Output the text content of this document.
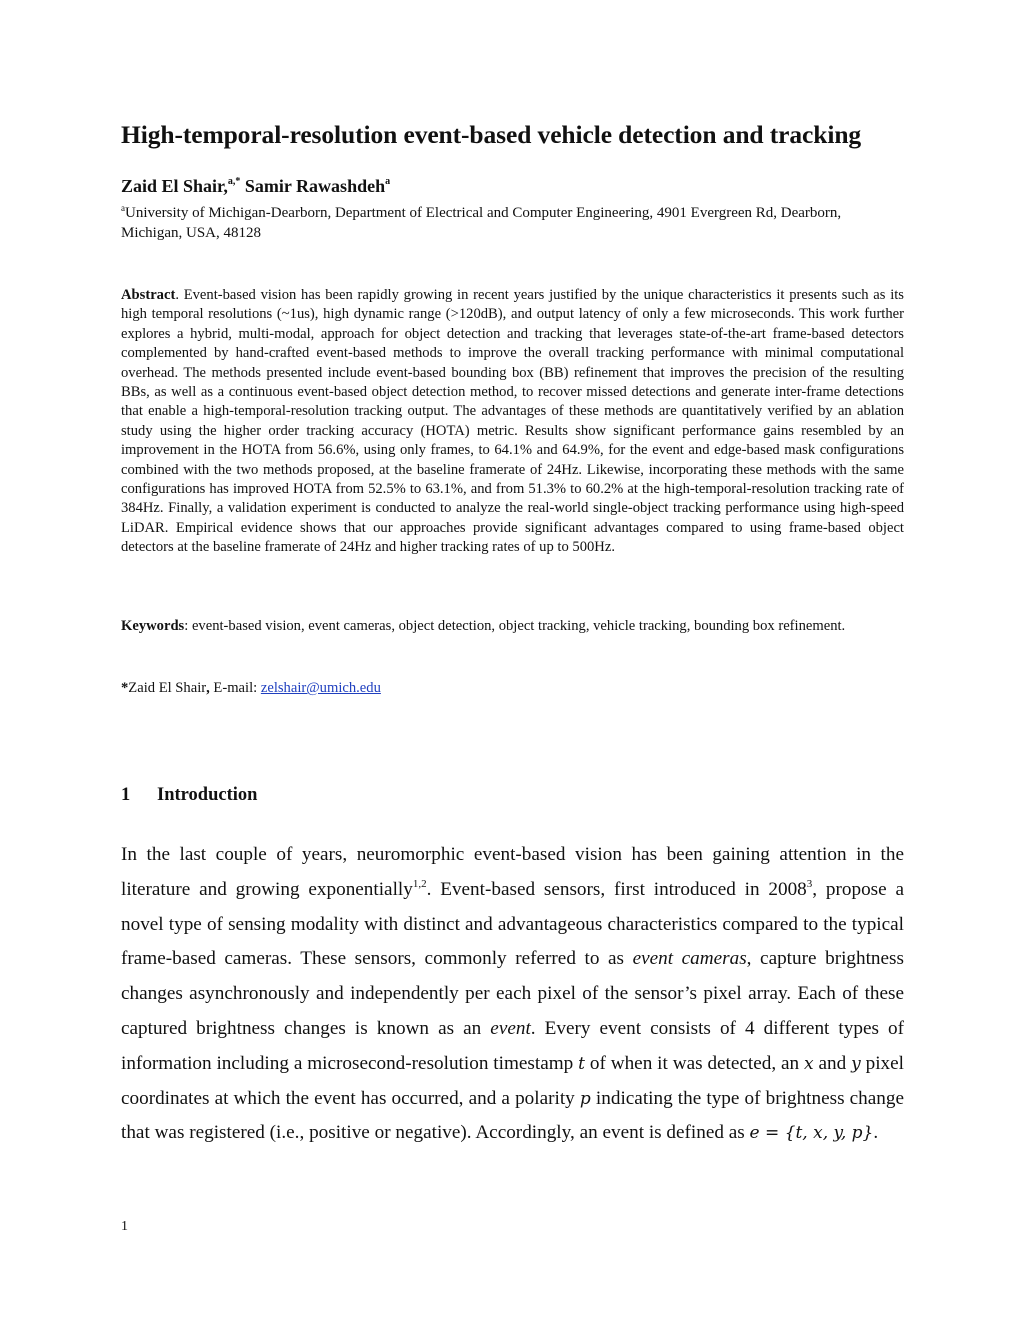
High-temporal-resolution event-based vehicle detection and tracking
Zaid El Shair,$^{a,*}$ Samir Rawashdeh$^a$
$^a$University of Michigan-Dearborn, Department of Electrical and Computer Engineering, 4901 Evergreen Rd, Dearborn, Michigan, USA, 48128
Abstract. Event-based vision has been rapidly growing in recent years justified by the unique characteristics it presents such as its high temporal resolutions (~1us), high dynamic range (>120dB), and output latency of only a few microseconds. This work further explores a hybrid, multi-modal, approach for object detection and tracking that leverages state-of-the-art frame-based detectors complemented by hand-crafted event-based methods to improve the overall tracking performance with minimal computational overhead. The methods presented include event-based bounding box (BB) refinement that improves the precision of the resulting BBs, as well as a continuous event-based object detection method, to recover missed detections and generate inter-frame detections that enable a high-temporal-resolution tracking output. The advantages of these methods are quantitatively verified by an ablation study using the higher order tracking accuracy (HOTA) metric. Results show significant performance gains resembled by an improvement in the HOTA from 56.6%, using only frames, to 64.1% and 64.9%, for the event and edge-based mask configurations combined with the two methods proposed, at the baseline framerate of 24Hz. Likewise, incorporating these methods with the same configurations has improved HOTA from 52.5% to 63.1%, and from 51.3% to 60.2% at the high-temporal-resolution tracking rate of 384Hz. Finally, a validation experiment is conducted to analyze the real-world single-object tracking performance using high-speed LiDAR. Empirical evidence shows that our approaches provide significant advantages compared to using frame-based object detectors at the baseline framerate of 24Hz and higher tracking rates of up to 500Hz.
Keywords: event-based vision, event cameras, object detection, object tracking, vehicle tracking, bounding box refinement.
*Zaid El Shair, E-mail: zelshair@umich.edu
1 Introduction
In the last couple of years, neuromorphic event-based vision has been gaining attention in the literature and growing exponentially$^{1,2}$. Event-based sensors, first introduced in 2008$^3$, propose a novel type of sensing modality with distinct and advantageous characteristics compared to the typical frame-based cameras. These sensors, commonly referred to as event cameras, capture brightness changes asynchronously and independently per each pixel of the sensor’s pixel array. Each of these captured brightness changes is known as an event. Every event consists of 4 different types of information including a microsecond-resolution timestamp t of when it was detected, an x and y pixel coordinates at which the event has occurred, and a polarity p indicating the type of brightness change that was registered (i.e., positive or negative). Accordingly, an event is defined as e = {t, x, y, p}.
1
